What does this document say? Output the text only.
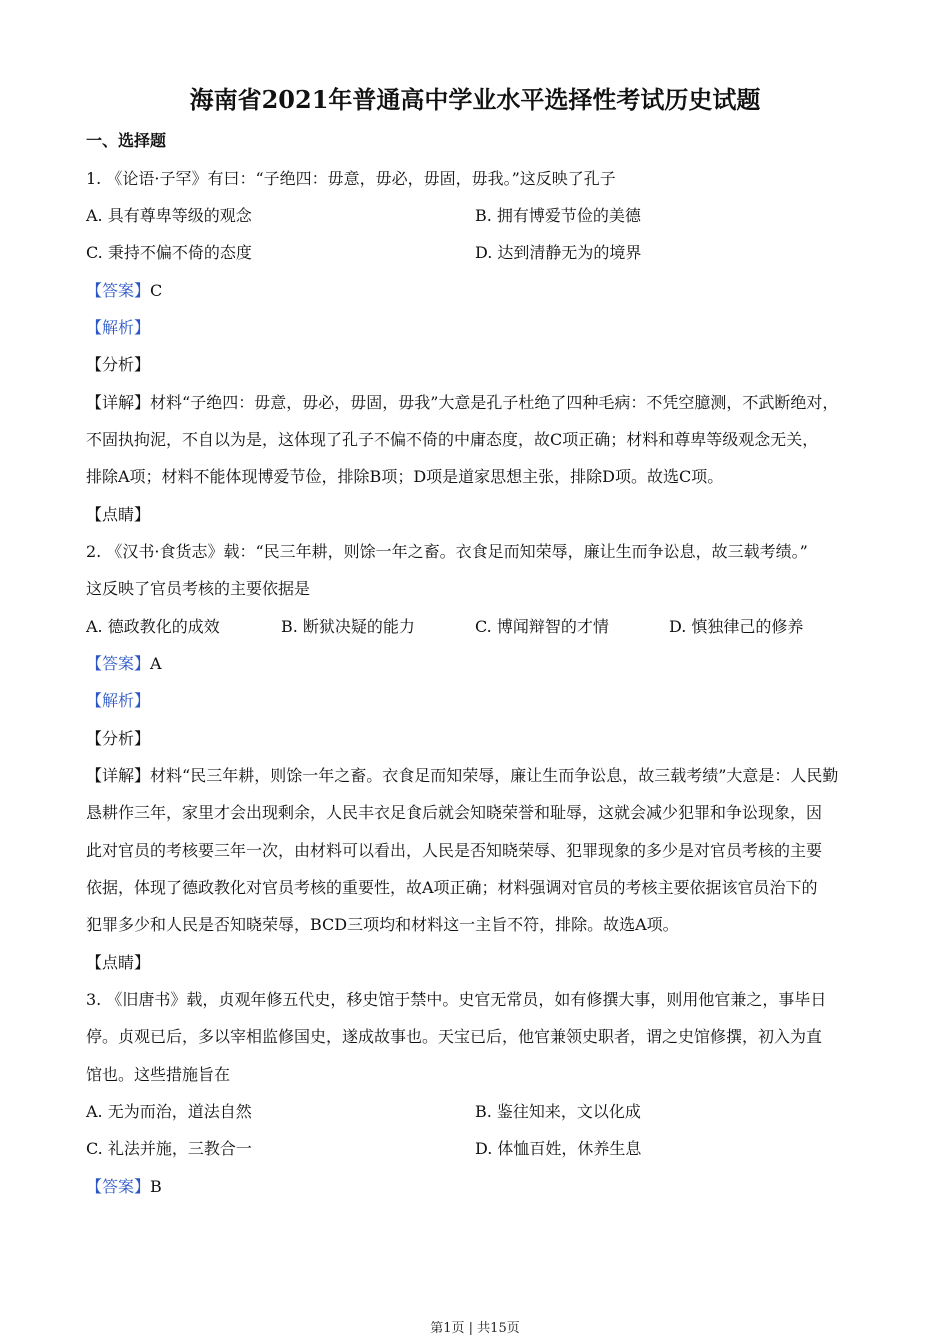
海南省2021年普通高中学业水平选择性考试历史试题
一、选择题
1. 《论语·子罕》有曰：“子绝四：毋意，毋必，毋固，毋我。”这反映了孔子
A. 具有尊卑等级的观念	B. 拥有博爱节俭的美德
C. 秉持不偏不倚的态度	D. 达到清静无为的境界
【答案】C
【解析】
【分析】
【详解】材料“子绝四：毋意，毋必，毋固，毋我”大意是孔子杜绝了四种毛病：不凭空臆测，不武断绝对，
不固执拘泥，不自以为是，这体现了孔子不偏不倚的中庸态度，故C项正确；材料和尊卑等级观念无关，
排除A项；材料不能体现博爱节俭，排除B项；D项是道家思想主张，排除D项。故选C项。
【点睛】
2. 《汉书·食货志》载：“民三年耕，则馀一年之畜。衣食足而知荣辱，廉让生而争讼息，故三载考绩。”
这反映了官员考核的主要依据是
A. 德政教化的成效	B. 断狱决疑的能力	C. 博闻辩智的才情	D. 慎独律己的修养
【答案】A
【解析】
【分析】
【详解】材料“民三年耕，则馀一年之畜。衣食足而知荣辱，廉让生而争讼息，故三载考绩”大意是：人民勤
恳耕作三年，家里才会出现剩余，人民丰衣足食后就会知晓荣誉和耻辱，这就会减少犯罪和争讼现象，因
此对官员的考核要三年一次，由材料可以看出，人民是否知晓荣辱、犯罪现象的多少是对官员考核的主要
依据，体现了德政教化对官员考核的重要性，故A项正确；材料强调对官员的考核主要依据该官员治下的
犯罪多少和人民是否知晓荣辱，BCD三项均和材料这一主旨不符，排除。故选A项。
【点睛】
3. 《旧唐书》载，贞观年修五代史，移史馆于禁中。史官无常员，如有修撰大事，则用他官兼之，事毕日
停。贞观已后，多以宰相监修国史，遂成故事也。天宝已后，他官兼领史职者，谓之史馆修撰，初入为直
馆也。这些措施旨在
A. 无为而治，道法自然	B. 鉴往知来，文以化成
C. 礼法并施，三教合一	D. 体恤百姓，休养生息
【答案】B
第1页 | 共15页
